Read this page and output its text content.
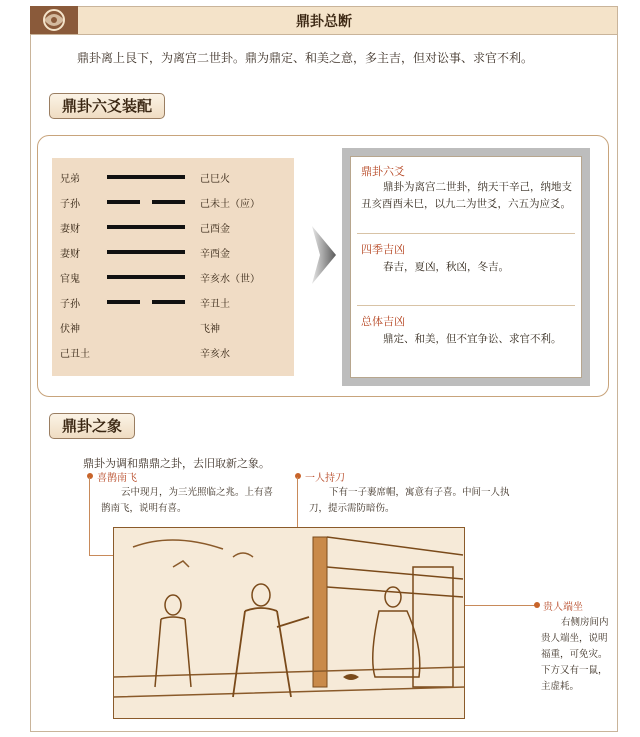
鼎卦总断
鼎卦离上艮下，为离宫二世卦。鼎为鼎定、和美之意，多主吉，但对讼事、求官不利。
鼎卦六爻装配
兄弟	己巳火
子孙	己未土（应）
妻财	己酉金
妻财	辛酉金
官鬼	辛亥水（世）
子孙	辛丑土
伏神	飞神
己丑土	辛亥水
鼎卦六爻
鼎卦为离宫二世卦，纳天干辛己，纳地支丑亥酉酉未巳，以九二为世爻，六五为应爻。
四季吉凶
春吉，夏凶，秋凶，冬吉。
总体吉凶
鼎定、和美，但不宜争讼、求官不利。
鼎卦之象
鼎卦为调和鼎鼎之卦，去旧取新之象。
喜鹊南飞
云中现月，为三光照临之兆。上有喜鹊南飞，说明有喜。
一人持刀
下有一子裹席帽，寓意有子喜。中间一人执刀，提示需防暗伤。
贵人端坐
右侧房间内贵人端坐，说明福重，可免灾。下方又有一鼠，主虚耗。
